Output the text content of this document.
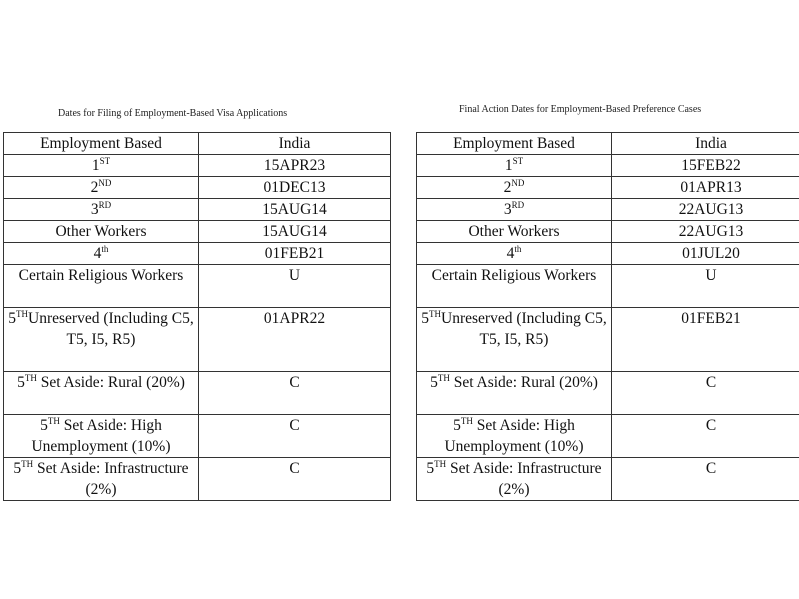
Dates for Filing of Employment-Based Visa Applications
Employment Based	India
1ST	15APR23
2ND	01DEC13
3RD	15AUG14
Other Workers	15AUG14
4th	01FEB21
Certain Religious Workers	U
5THUnreserved (Including C5, T5, I5, R5)	01APR22
5TH Set Aside: Rural (20%)	C
5TH Set Aside: High Unemployment (10%)	C
5TH Set Aside: Infrastructure (2%)	C
Final Action Dates for Employment-Based Preference Cases
Employment Based	India
1ST	15FEB22
2ND	01APR13
3RD	22AUG13
Other Workers	22AUG13
4th	01JUL20
Certain Religious Workers	U
5THUnreserved (Including C5, T5, I5, R5)	01FEB21
5TH Set Aside: Rural (20%)	C
5TH Set Aside: High Unemployment (10%)	C
5TH Set Aside: Infrastructure (2%)	C
